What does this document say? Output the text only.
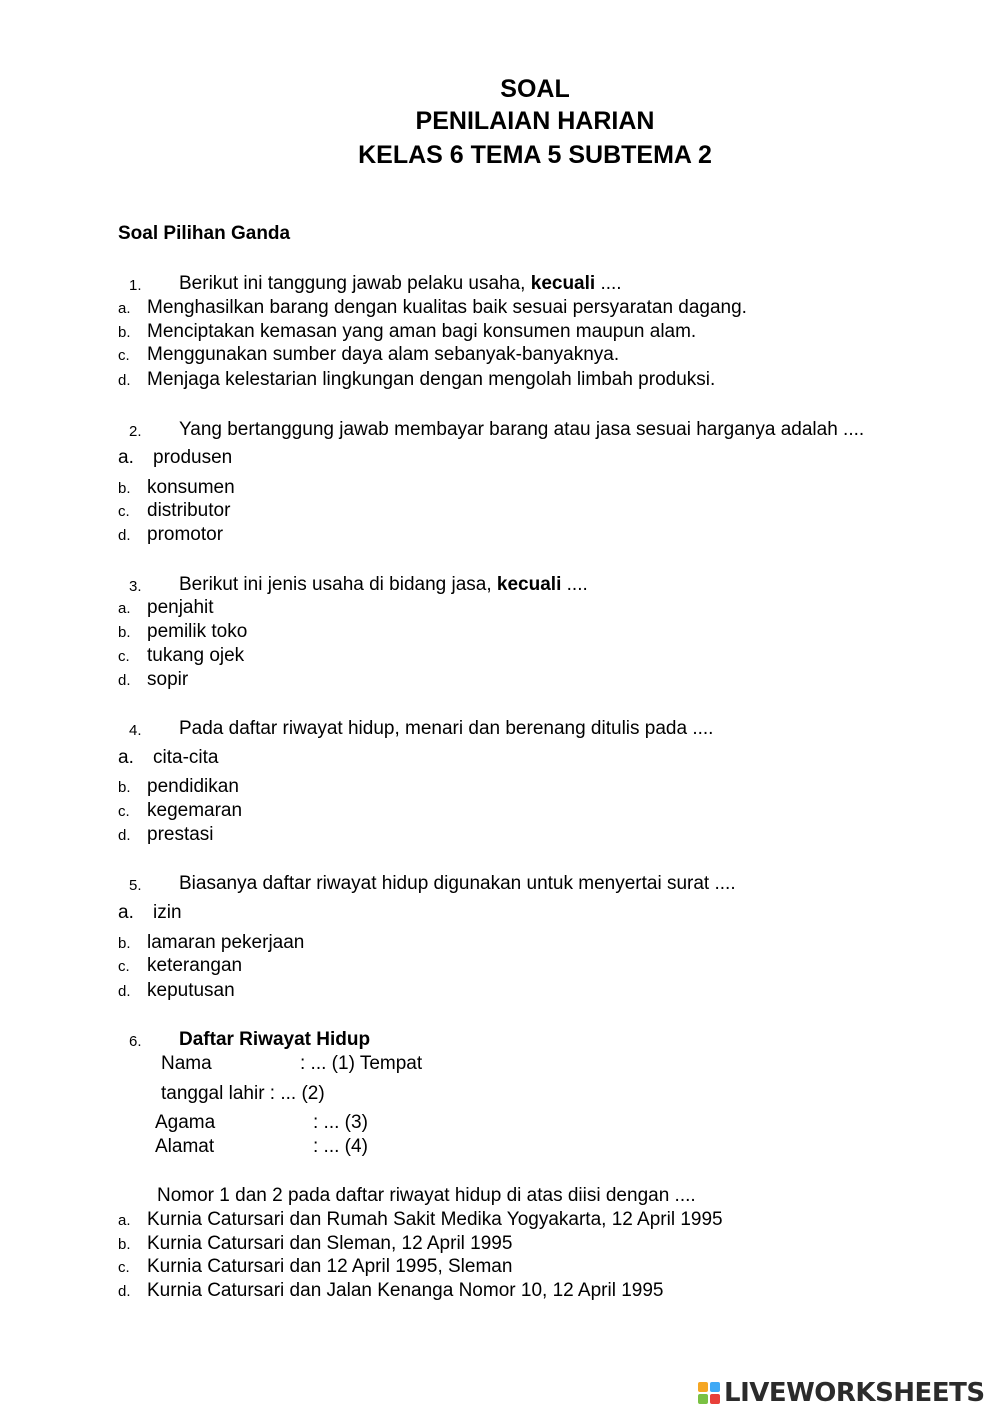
SOAL
PENILAIAN HARIAN
KELAS 6 TEMA 5 SUBTEMA 2
Soal Pilihan Ganda
1. Berikut ini tanggung jawab pelaku usaha, kecuali ....
a. Menghasilkan barang dengan kualitas baik sesuai persyaratan dagang.
b. Menciptakan kemasan yang aman bagi konsumen maupun alam.
c. Menggunakan sumber daya alam sebanyak-banyaknya.
d. Menjaga kelestarian lingkungan dengan mengolah limbah produksi.
2. Yang bertanggung jawab membayar barang atau jasa sesuai harganya adalah ....
a. produsen
b. konsumen
c. distributor
d. promotor
3. Berikut ini jenis usaha di bidang jasa, kecuali ....
a. penjahit
b. pemilik toko
c. tukang ojek
d. sopir
4. Pada daftar riwayat hidup, menari dan berenang ditulis pada ....
a. cita-cita
b. pendidikan
c. kegemaran
d. prestasi
5. Biasanya daftar riwayat hidup digunakan untuk menyertai surat ....
a. izin
b. lamaran pekerjaan
c. keterangan
d. keputusan
6. Daftar Riwayat Hidup
Nama	: ... (1) Tempat
tanggal lahir : ... (2)
Agama	: ... (3)
Alamat	: ... (4)
Nomor 1 dan 2 pada daftar riwayat hidup di atas diisi dengan ....
a. Kurnia Catursari dan Rumah Sakit Medika Yogyakarta, 12 April 1995
b. Kurnia Catursari dan Sleman, 12 April 1995
c. Kurnia Catursari dan 12 April 1995, Sleman
d. Kurnia Catursari dan Jalan Kenanga Nomor 10, 12 April 1995
LIVEWORKSHEETS
